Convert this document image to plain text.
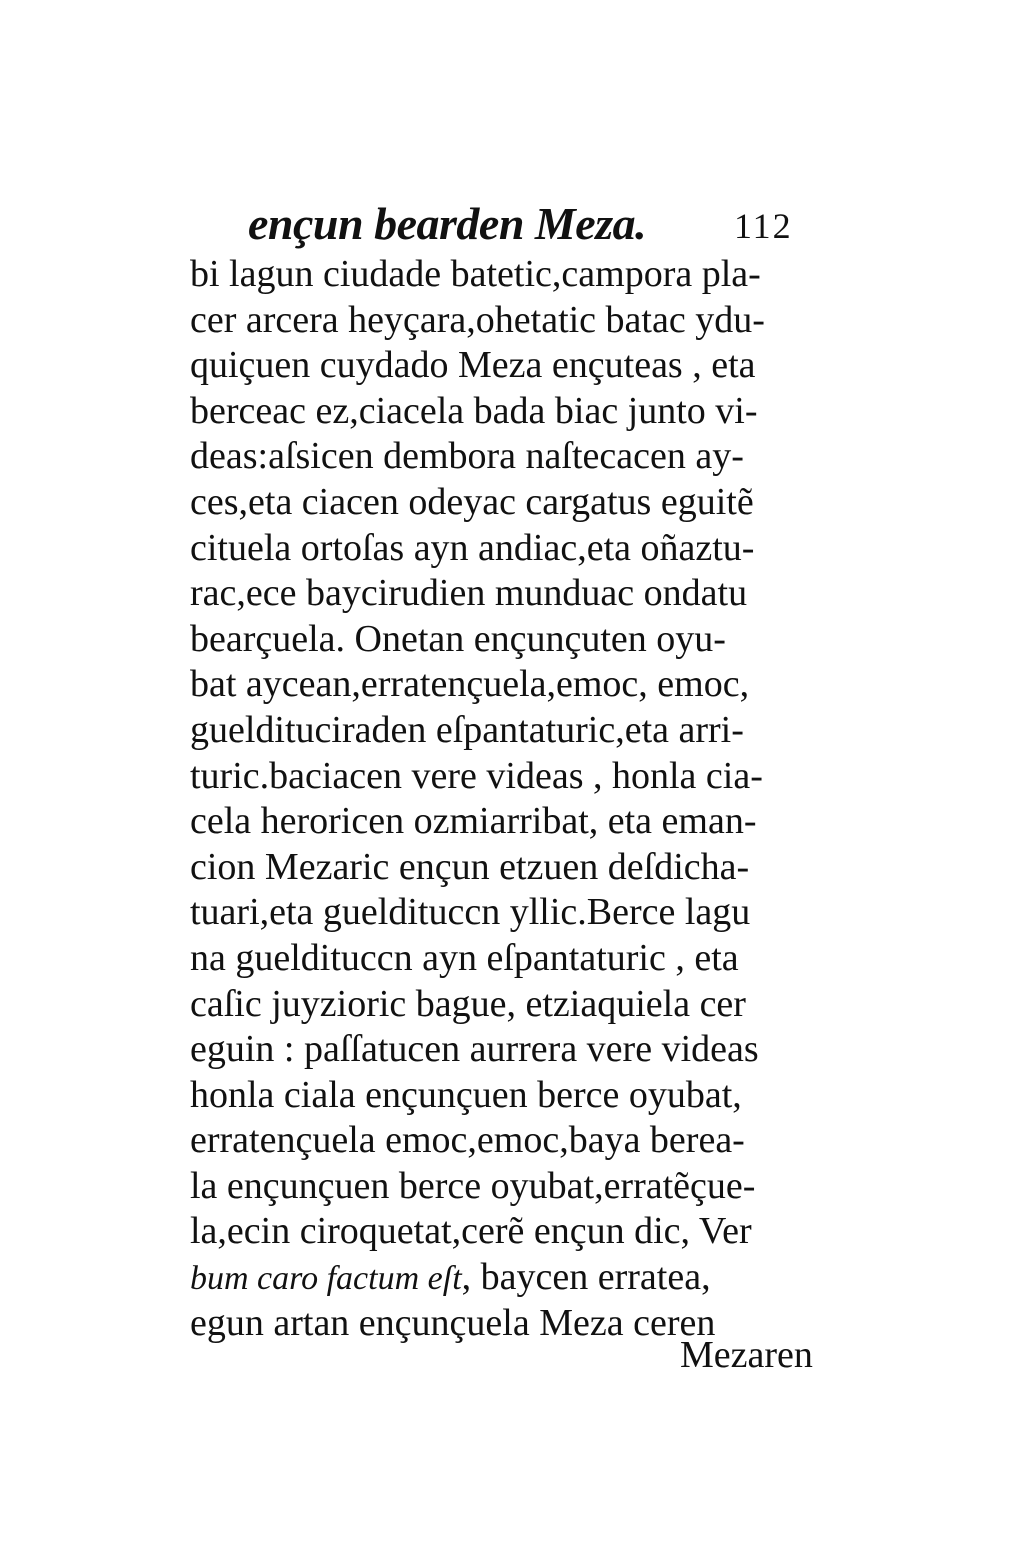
ençun bearden Meza. 112
bi lagun ciudade batetic,campora pla-
cer arcera heyçara,ohetatic batac ydu-
quiçuen cuydado Meza ençuteas , eta
berceac ez,ciacela bada biac junto vi-
deas:aſsicen dembora naſtecacen ay-
ces,eta ciacen odeyac cargatus eguitẽ
cituela ortoſas ayn andiac,eta oñaztu-
rac,ece baycirudien munduac ondatu
bearçuela. Onetan ençunçuten oyu-
bat aycean,erratençuela,emoc, emoc,
gueldituciraden eſpantaturic,eta arri-
turic.baciacen vere videas , honla cia-
cela heroricen ozmiarribat, eta eman-
cion Mezaric ençun etzuen deſdicha-
tuari,eta gueldituccn yllic.Berce lagu
na gueldituccn ayn eſpantaturic , eta
caſic juyzioric bague, etziaquiela cer
eguin : paſſatucen aurrera vere videas
honla ciala ençunçuen berce oyubat,
erratençuela emoc,emoc,baya berea-
la ençunçuen berce oyubat,erratẽçue-
la,ecin ciroquetat,cerẽ ençun dic, Ver
bum caro factum eſt, baycen erratea,
egun artan ençunçuela Meza ceren
Mezaren
